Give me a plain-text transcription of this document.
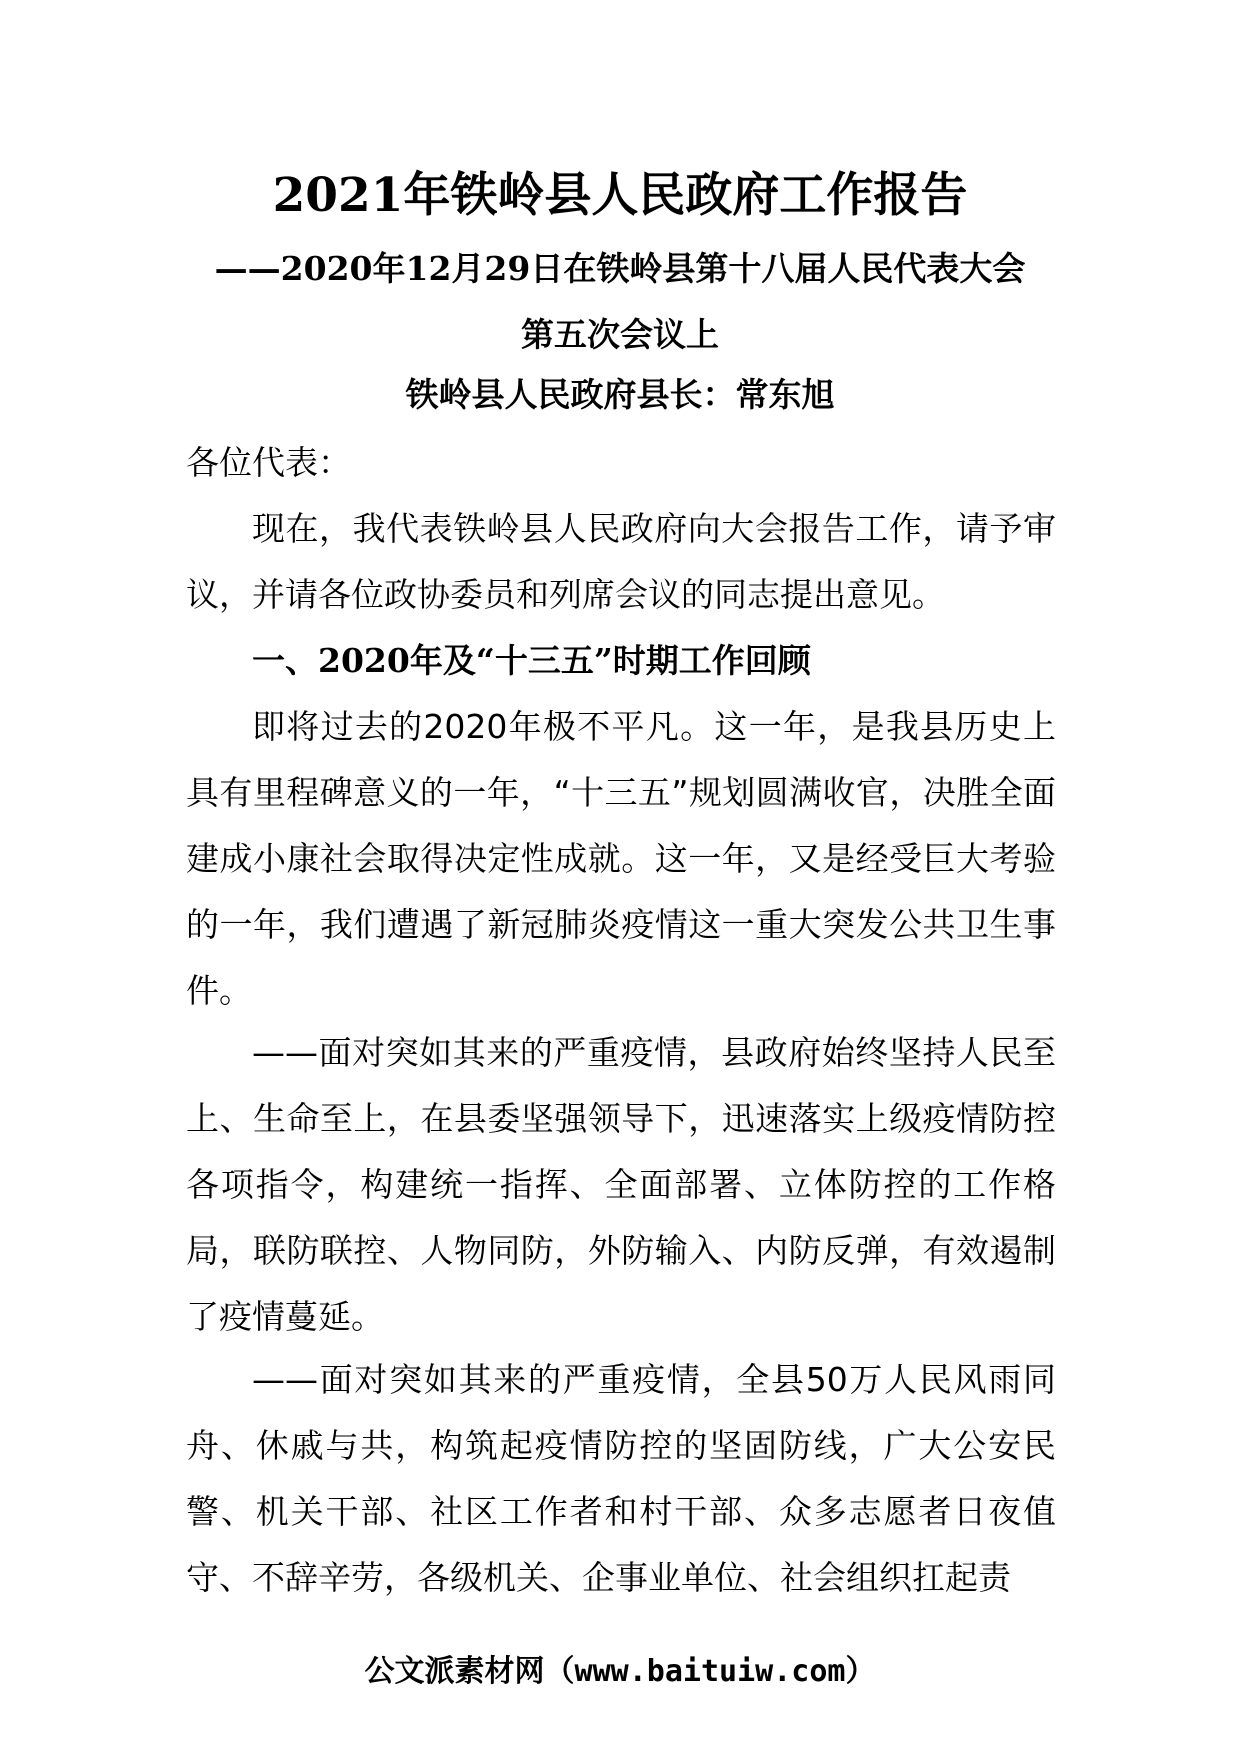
2021年铁岭县人民政府工作报告
——2020年12月29日在铁岭县第十八届人民代表大会第五次会议上
铁岭县人民政府县长：常东旭
各位代表：
现在，我代表铁岭县人民政府向大会报告工作，请予审议，并请各位政协委员和列席会议的同志提出意见。
一、2020年及“十三五”时期工作回顾
即将过去的2020年极不平凡。这一年，是我县历史上具有里程碑意义的一年，“十三五”规划圆满收官，决胜全面建成小康社会取得决定性成就。这一年，又是经受巨大考验的一年，我们遭遇了新冠肺炎疫情这一重大突发公共卫生事件。
——面对突如其来的严重疫情，县政府始终坚持人民至上、生命至上，在县委坚强领导下，迅速落实上级疫情防控各项指令，构建统一指挥、全面部署、立体防控的工作格局，联防联控、人物同防，外防输入、内防反弹，有效遏制了疫情蔓延。
——面对突如其来的严重疫情，全县50万人民风雨同舟、休戚与共，构筑起疫情防控的坚固防线，广大公安民警、机关干部、社区工作者和村干部、众多志愿者日夜值守、不辞辛劳，各级机关、企事业单位、社会组织扛起责
公文派素材网（www.baituiw.com）
